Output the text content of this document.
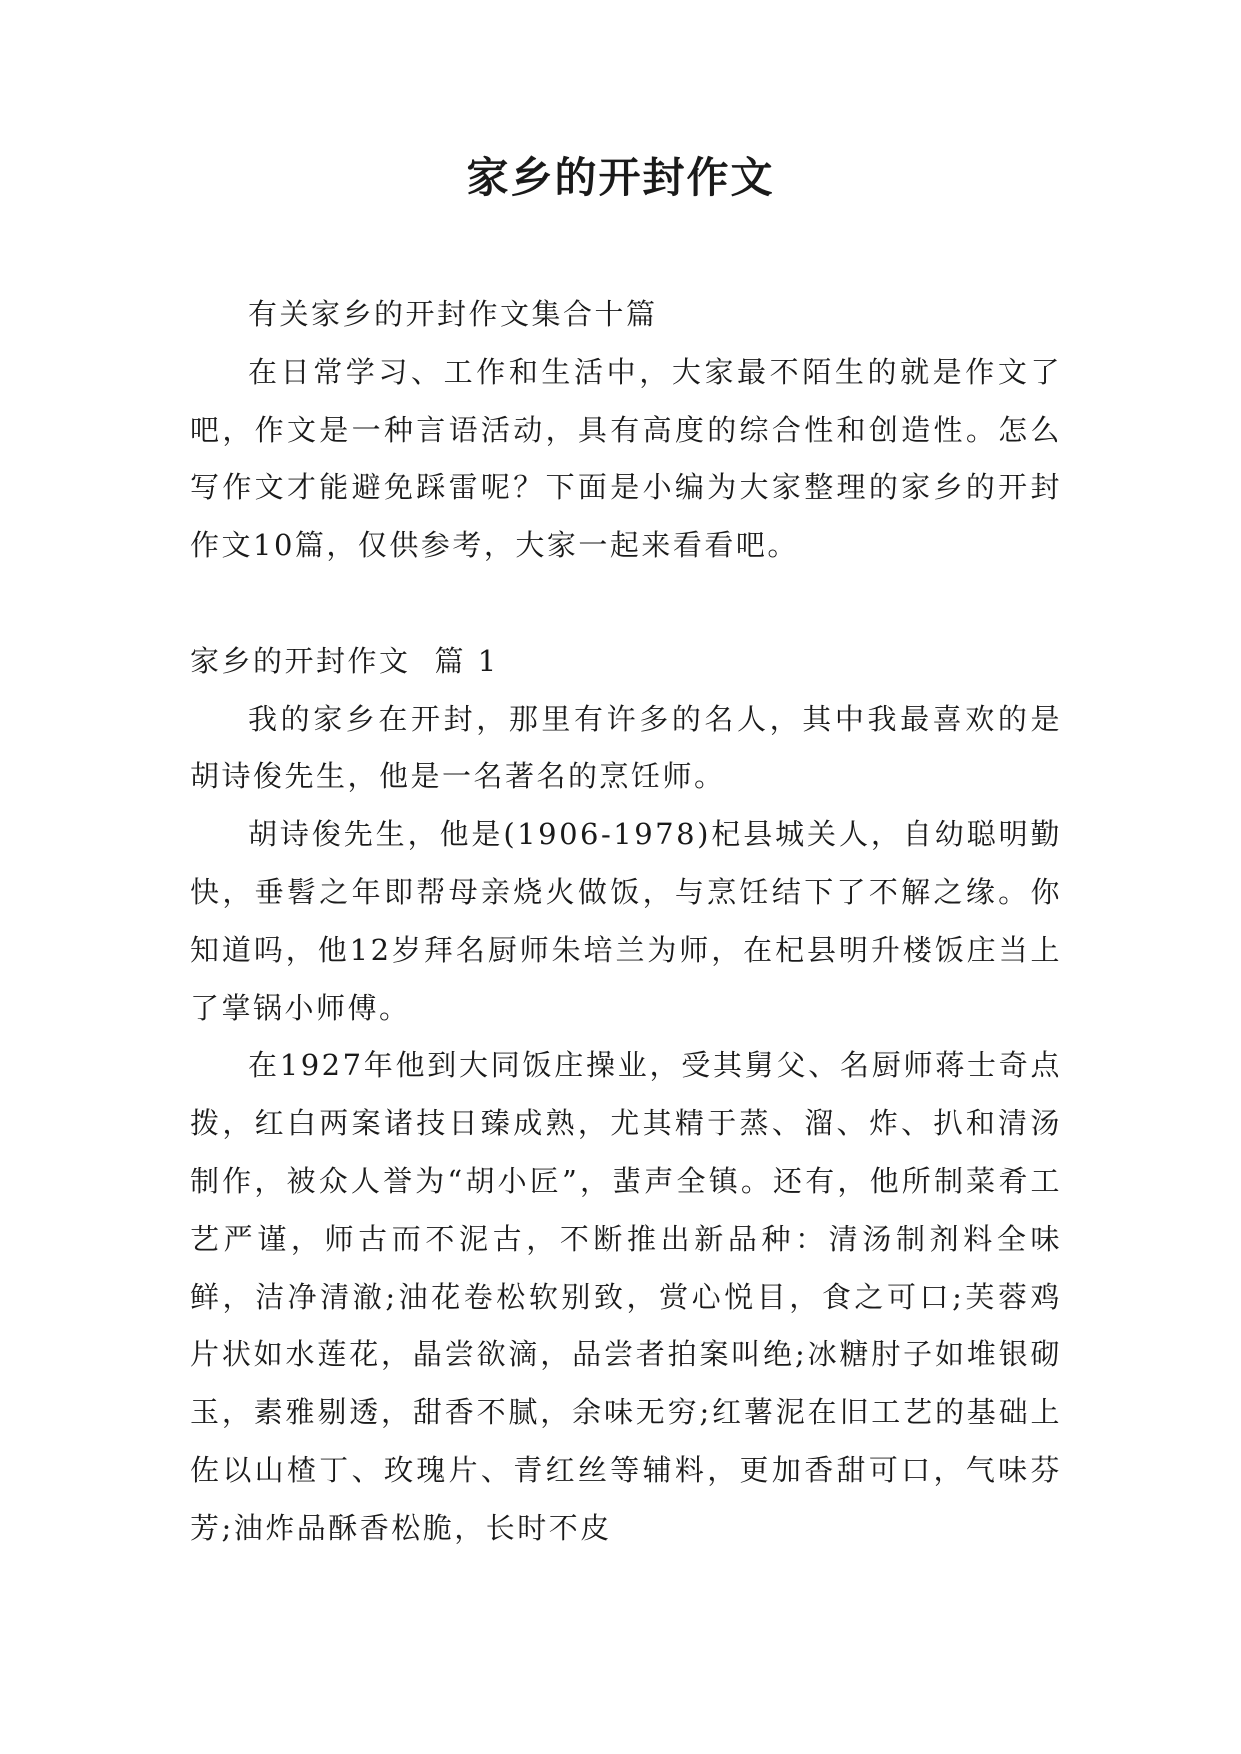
家乡的开封作文

有关家乡的开封作文集合十篇

在日常学习、工作和生活中，大家最不陌生的就是作文了吧，作文是一种言语活动，具有高度的综合性和创造性。怎么写作文才能避免踩雷呢？下面是小编为大家整理的家乡的开封作文10篇，仅供参考，大家一起来看看吧。

家乡的开封作文 篇 1

我的家乡在开封，那里有许多的名人，其中我最喜欢的是胡诗俊先生，他是一名著名的烹饪师。

胡诗俊先生，他是(1906-1978)杞县城关人，自幼聪明勤快，垂髫之年即帮母亲烧火做饭，与烹饪结下了不解之缘。你知道吗，他12岁拜名厨师朱培兰为师，在杞县明升楼饭庄当上了掌锅小师傅。

在1927年他到大同饭庄操业，受其舅父、名厨师蒋士奇点拨，红白两案诸技日臻成熟，尤其精于蒸、溜、炸、扒和清汤制作，被众人誉为“胡小匠”，蜚声全镇。还有，他所制菜肴工艺严谨，师古而不泥古，不断推出新品种：清汤制剂料全味鲜，洁净清澈;油花卷松软别致，赏心悦目，食之可口;芙蓉鸡片状如水莲花，晶尝欲滴，品尝者拍案叫绝;冰糖肘子如堆银砌玉，素雅剔透，甜香不腻，余味无穷;红薯泥在旧工艺的基础上佐以山楂丁、玫瑰片、青红丝等辅料，更加香甜可口，气味芬芳;油炸品酥香松脆，长时不皮
